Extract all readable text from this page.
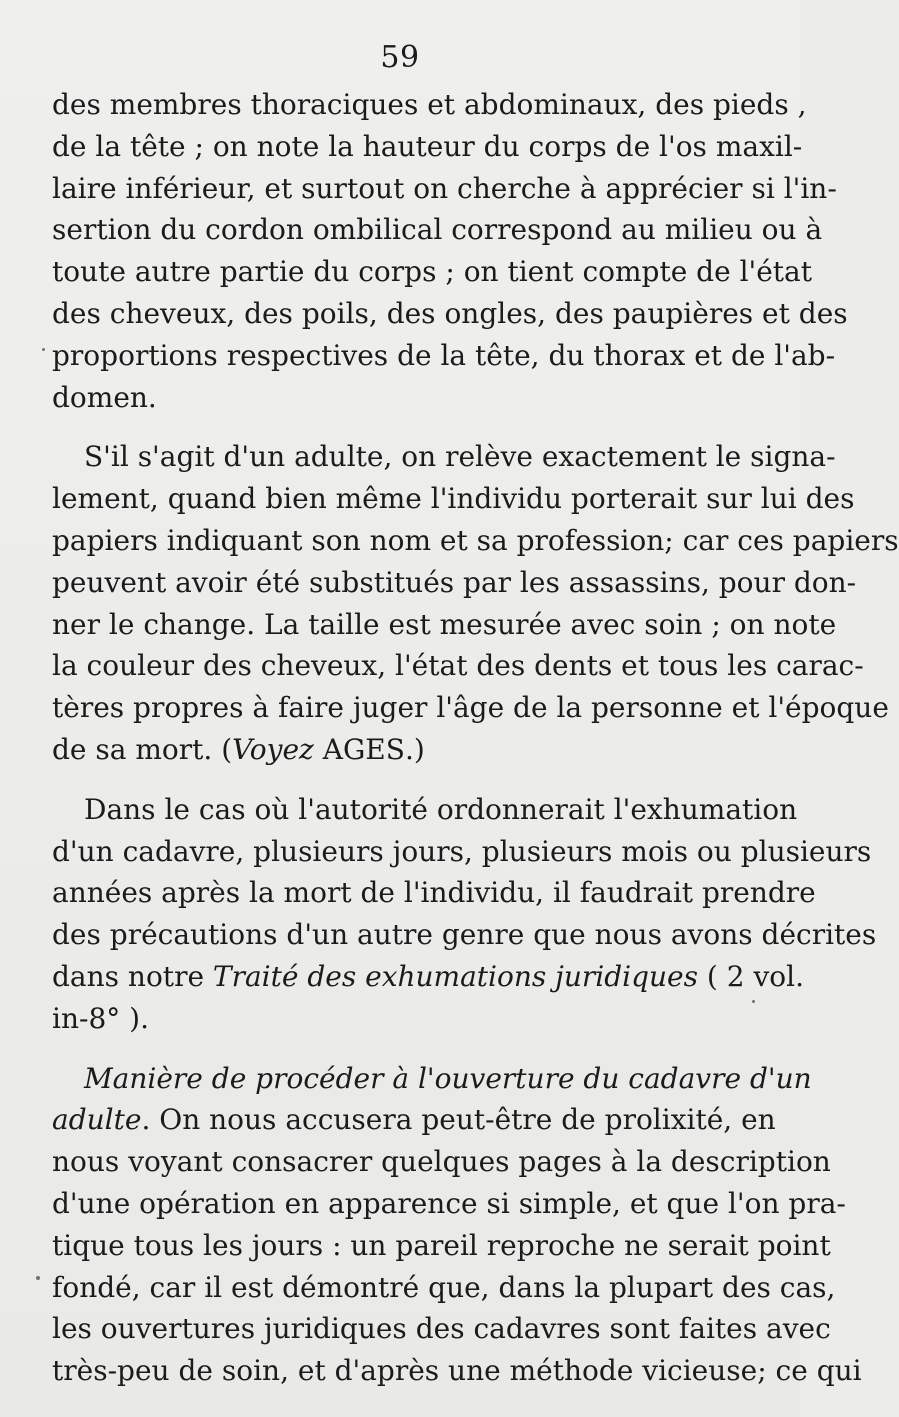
59
des membres thoraciques et abdominaux, des pieds ,
de la tête ; on note la hauteur du corps de l'os maxil-
laire inférieur, et surtout on cherche à apprécier si l'in-
sertion du cordon ombilical correspond au milieu ou à
toute autre partie du corps ; on tient compte de l'état
des cheveux, des poils, des ongles, des paupières et des
proportions respectives de la tête, du thorax et de l'ab-
domen.
S'il s'agit d'un adulte, on relève exactement le signa-
lement, quand bien même l'individu porterait sur lui des
papiers indiquant son nom et sa profession; car ces papiers
peuvent avoir été substitués par les assassins, pour don-
ner le change. La taille est mesurée avec soin ; on note
la couleur des cheveux, l'état des dents et tous les carac-
tères propres à faire juger l'âge de la personne et l'époque
de sa mort. (Voyez AGES.)
Dans le cas où l'autorité ordonnerait l'exhumation
d'un cadavre, plusieurs jours, plusieurs mois ou plusieurs
années après la mort de l'individu, il faudrait prendre
des précautions d'un autre genre que nous avons décrites
dans notre Traité des exhumations juridiques ( 2 vol.
in-8° ).
Manière de procéder à l'ouverture du cadavre d'un
adulte. On nous accusera peut-être de prolixité, en
nous voyant consacrer quelques pages à la description
d'une opération en apparence si simple, et que l'on pra-
tique tous les jours : un pareil reproche ne serait point
fondé, car il est démontré que, dans la plupart des cas,
les ouvertures juridiques des cadavres sont faites avec
très-peu de soin, et d'après une méthode vicieuse; ce qui
